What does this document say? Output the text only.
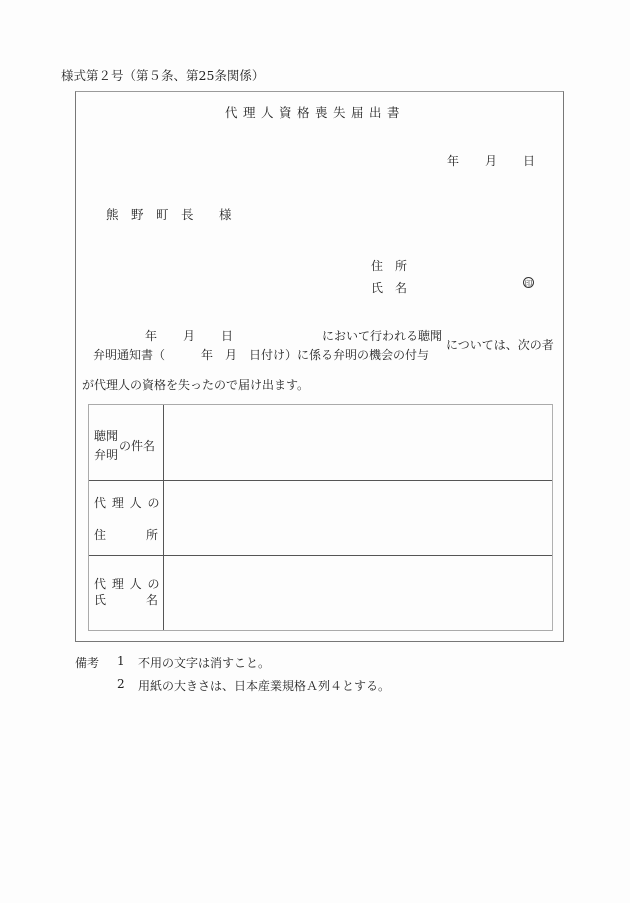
様式第２号（第５条、第25条関係）
代理人資格喪失届出書
年 月 日
熊 野 町 長 様
住　所
氏　名	印
年 月 日	において行われる聴聞
弁明通知書（　　　年　月　日付け）に係る弁明の機会の付与
については、次の者
が代理人の資格を失ったので届け出ます。
聴聞
弁明
の件名
代 理 人 の
住	所
代 理 人 の
氏	名
備考 1 不用の文字は消すこと。
2 用紙の大きさは、日本産業規格Ａ列４とする。
